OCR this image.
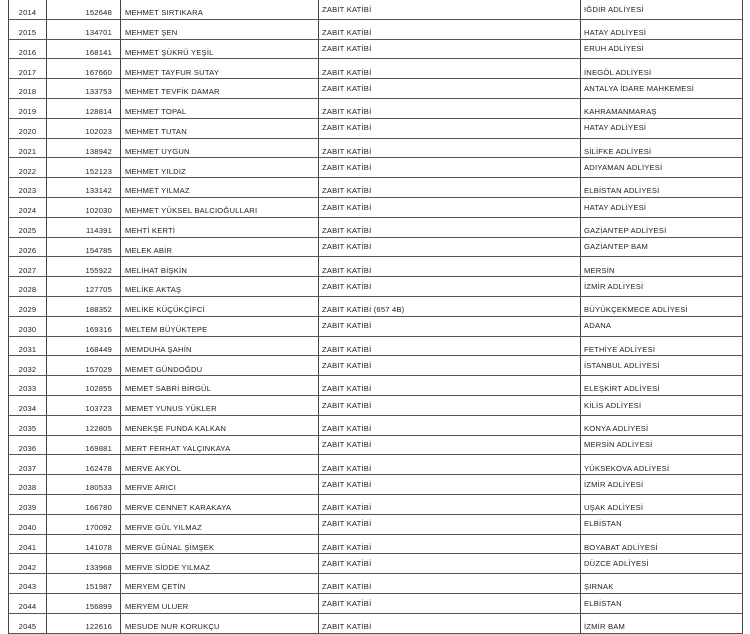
2014	152648	MEHMET SIRTIKARA	ZABIT KATİBİ	IĞDIR ADLİYESİ
2015	134701	MEHMET ŞEN	ZABIT KATİBİ	HATAY ADLİYESİ
2016	168141	MEHMET ŞÜKRÜ YEŞİL	ZABIT KATİBİ	ERUH ADLİYESİ
2017	167660	MEHMET TAYFUR SUTAY	ZABIT KATİBİ	İNEGÖL ADLİYESİ
2018	133753	MEHMET TEVFİK DAMAR	ZABIT KATİBİ	ANTALYA İDARE MAHKEMESİ
2019	128814	MEHMET TOPAL	ZABIT KATİBİ	KAHRAMANMARAŞ
2020	102023	MEHMET TUTAN	ZABIT KATİBİ	HATAY ADLİYESİ
2021	138942	MEHMET UYGUN	ZABIT KATİBİ	SİLİFKE ADLİYESİ
2022	152123	MEHMET YILDIZ	ZABIT KATİBİ	ADIYAMAN ADLİYESİ
2023	133142	MEHMET YILMAZ	ZABIT KATİBİ	ELBİSTAN ADLİYESİ
2024	102030	MEHMET YÜKSEL BALCIOĞULLARI	ZABIT KATİBİ	HATAY ADLİYESİ
2025	114391	MEHTİ KERTİ	ZABIT KATİBİ	GAZİANTEP ADLİYESİ
2026	154785	MELEK ABİR	ZABIT KATİBİ	GAZİANTEP BAM
2027	155922	MELİHAT BİŞKİN	ZABIT KATİBİ	MERSİN
2028	127705	MELİKE AKTAŞ	ZABIT KATİBİ	İZMİR ADLİYESİ
2029	188352	MELİKE KÜÇÜKÇİFCİ	ZABIT KATİBİ (657 4B)	BÜYÜKÇEKMECE ADLİYESİ
2030	169316	MELTEM BÜYÜKTEPE	ZABIT KATİBİ	ADANA
2031	168449	MEMDUHA ŞAHİN	ZABIT KATİBİ	FETHİYE ADLİYESİ
2032	157029	MEMET GÜNDOĞDU	ZABIT KATİBİ	İSTANBUL ADLİYESİ
2033	102855	MEMET SABRİ BİRGÜL	ZABIT KATİBİ	ELEŞKİRT ADLİYESİ
2034	103723	MEMET YUNUS YÜKLER	ZABIT KATİBİ	KİLİS ADLİYESİ
2035	122805	MENEKŞE FUNDA KALKAN	ZABIT KATİBİ	KONYA ADLİYESİ
2036	169881	MERT FERHAT YALÇINKAYA	ZABIT KATİBİ	MERSİN ADLİYESİ
2037	162478	MERVE AKYOL	ZABIT KATİBİ	YÜKSEKOVA ADLİYESİ
2038	180533	MERVE ARICI	ZABIT KATİBİ	İZMİR ADLİYESİ
2039	166780	MERVE CENNET KARAKAYA	ZABIT KATİBİ	UŞAK ADLİYESİ
2040	170092	MERVE GÜL YILMAZ	ZABIT KATİBİ	ELBİSTAN
2041	141078	MERVE GÜNAL ŞİMŞEK	ZABIT KATİBİ	BOYABAT ADLİYESİ
2042	133968	MERVE SİDDE YILMAZ	ZABIT KATİBİ	DÜZCE ADLİYESİ
2043	151987	MERYEM ÇETİN	ZABIT KATİBİ	ŞIRNAK
2044	156899	MERYEM ULUER	ZABIT KATİBİ	ELBİSTAN
2045	122616	MESUDE NUR KORUKÇU	ZABIT KATİBİ	İZMİR BAM
